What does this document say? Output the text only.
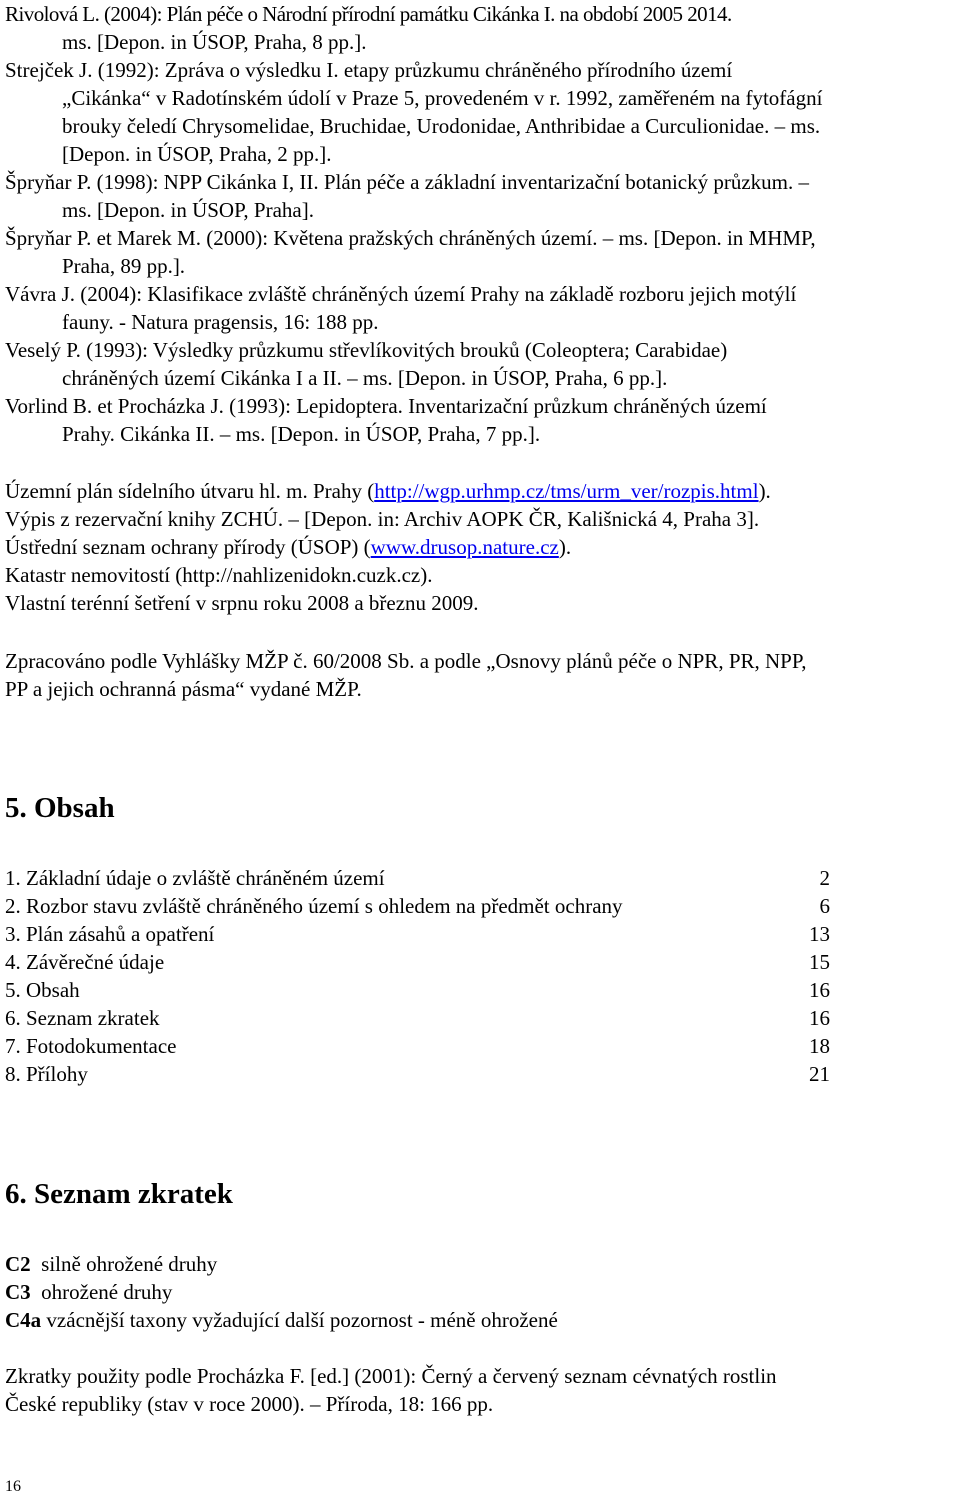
Rivolová L. (2004): Plán péče o Národní přírodní památku Cikánka I. na období 2005 2014.

ms. [Depon. in ÚSOP, Praha, 8 pp.].

Strejček J. (1992): Zpráva o výsledku I. etapy průzkumu chráněného přírodního území

„Cikánka“ v Radotínském údolí v Praze 5, provedeném v r. 1992, zaměřeném na fytofágní

brouky čeledí Chrysomelidae, Bruchidae, Urodonidae, Anthribidae a Curculionidae. – ms.

[Depon. in ÚSOP, Praha, 2 pp.].

Špryňar P. (1998): NPP Cikánka I, II. Plán péče a základní inventarizační botanický průzkum. –

ms. [Depon. in ÚSOP, Praha].

Špryňar P. et Marek M. (2000): Květena pražských chráněných území. – ms. [Depon. in MHMP,

Praha, 89 pp.].

Vávra J. (2004): Klasifikace zvláště chráněných území Prahy na základě rozboru jejich motýlí

fauny. - Natura pragensis, 16: 188 pp.

Veselý P. (1993): Výsledky průzkumu střevlíkovitých brouků (Coleoptera; Carabidae)

chráněných území Cikánka I a II. – ms. [Depon. in ÚSOP, Praha, 6 pp.].

Vorlind B. et Procházka J. (1993): Lepidoptera. Inventarizační průzkum chráněných území

Prahy. Cikánka II. – ms. [Depon. in ÚSOP, Praha, 7 pp.].

Územní plán sídelního útvaru hl. m. Prahy (http://wgp.urhmp.cz/tms/urm_ver/rozpis.html).

Výpis z rezervační knihy ZCHÚ. – [Depon. in: Archiv AOPK ČR, Kališnická 4, Praha 3].

Ústřední seznam ochrany přírody (ÚSOP) (www.drusop.nature.cz).

Katastr nemovitostí (http://nahlizenidokn.cuzk.cz).

Vlastní terénní šetření v srpnu roku 2008 a březnu 2009.

Zpracováno podle Vyhlášky MŽP č. 60/2008 Sb. a podle „Osnovy plánů péče o NPR, PR, NPP,

PP a jejich ochranná pásma“ vydané MŽP.

5. Obsah
1. Základní údaje o zvláště chráněném území	2
2. Rozbor stavu zvláště chráněného území s ohledem na předmět ochrany	6
3. Plán zásahů a opatření	13
4. Závěrečné údaje	15
5. Obsah	16
6. Seznam zkratek	16
7. Fotodokumentace	18
8. Přílohy	21
6. Seznam zkratek

C2 silně ohrožené druhy

C3 ohrožené druhy

C4a vzácnější taxony vyžadující další pozornost - méně ohrožené

Zkratky použity podle Procházka F. [ed.] (2001): Černý a červený seznam cévnatých rostlin

České republiky (stav v roce 2000). – Příroda, 18: 166 pp.

16
